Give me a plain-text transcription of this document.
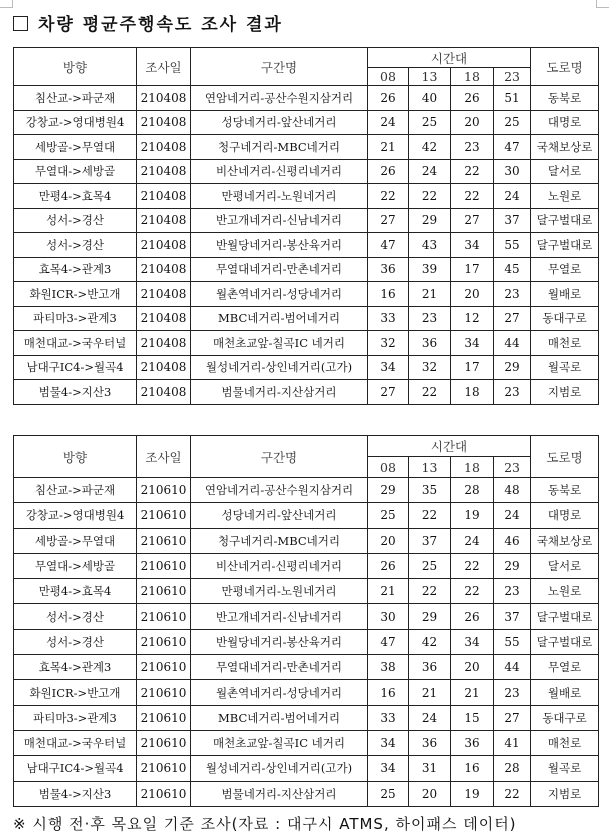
차량 평균주행속도 조사 결과
방향	조사일	구간명	시간대				도로명
			08	13	18	23	
침산교->파군재	210408	연암네거리-공산수원지삼거리	26	40	26	51	동북로
강창교->영대병원4	210408	성당네거리-앞산네거리	24	25	20	25	대명로
세방골->무열대	210408	청구네거리-MBC네거리	21	42	23	47	국채보상로
무열대->세방골	210408	비산네거리-신평리네거리	26	24	22	30	달서로
만평4->효목4	210408	만평네거리-노원네거리	22	22	22	24	노원로
성서->경산	210408	반고개네거리-신남네거리	27	29	27	37	달구벌대로
성서->경산	210408	반월당네거리-봉산육거리	47	43	34	55	달구벌대로
효목4->관계3	210408	무열대네거리-만촌네거리	36	39	17	45	무열로
화원ICR->반고개	210408	월촌역네거리-성당네거리	16	21	20	23	월배로
파티마3->관계3	210408	MBC네거리-범어네거리	33	23	12	27	동대구로
매천대교->국우터널	210408	매천초교앞-칠곡IC 네거리	32	36	34	44	매천로
남대구IC4->월곡4	210408	월성네거리-상인네거리(고가)	34	32	17	29	월곡로
범물4->지산3	210408	범물네거리-지산삼거리	27	22	18	23	지범로
방향	조사일	구간명	시간대				도로명
			08	13	18	23	
침산교->파군재	210610	연암네거리-공산수원지삼거리	29	35	28	48	동북로
강창교->영대병원4	210610	성당네거리-앞산네거리	25	22	19	24	대명로
세방골->무열대	210610	청구네거리-MBC네거리	20	37	24	46	국채보상로
무열대->세방골	210610	비산네거리-신평리네거리	26	25	22	29	달서로
만평4->효목4	210610	만평네거리-노원네거리	21	22	22	23	노원로
성서->경산	210610	반고개네거리-신남네거리	30	29	26	37	달구벌대로
성서->경산	210610	반월당네거리-봉산육거리	47	42	34	55	달구벌대로
효목4->관계3	210610	무열대네거리-만촌네거리	38	36	20	44	무열로
화원ICR->반고개	210610	월촌역네거리-성당네거리	16	21	21	23	월배로
파티마3->관계3	210610	MBC네거리-범어네거리	33	24	15	27	동대구로
매천대교->국우터널	210610	매천초교앞-칠곡IC 네거리	34	36	36	41	매천로
남대구IC4->월곡4	210610	월성네거리-상인네거리(고가)	34	31	16	28	월곡로
범물4->지산3	210610	범물네거리-지산삼거리	25	20	19	22	지범로
※ 시행 전·후 목요일 기준 조사(자료 : 대구시 ATMS, 하이패스 데이터)
